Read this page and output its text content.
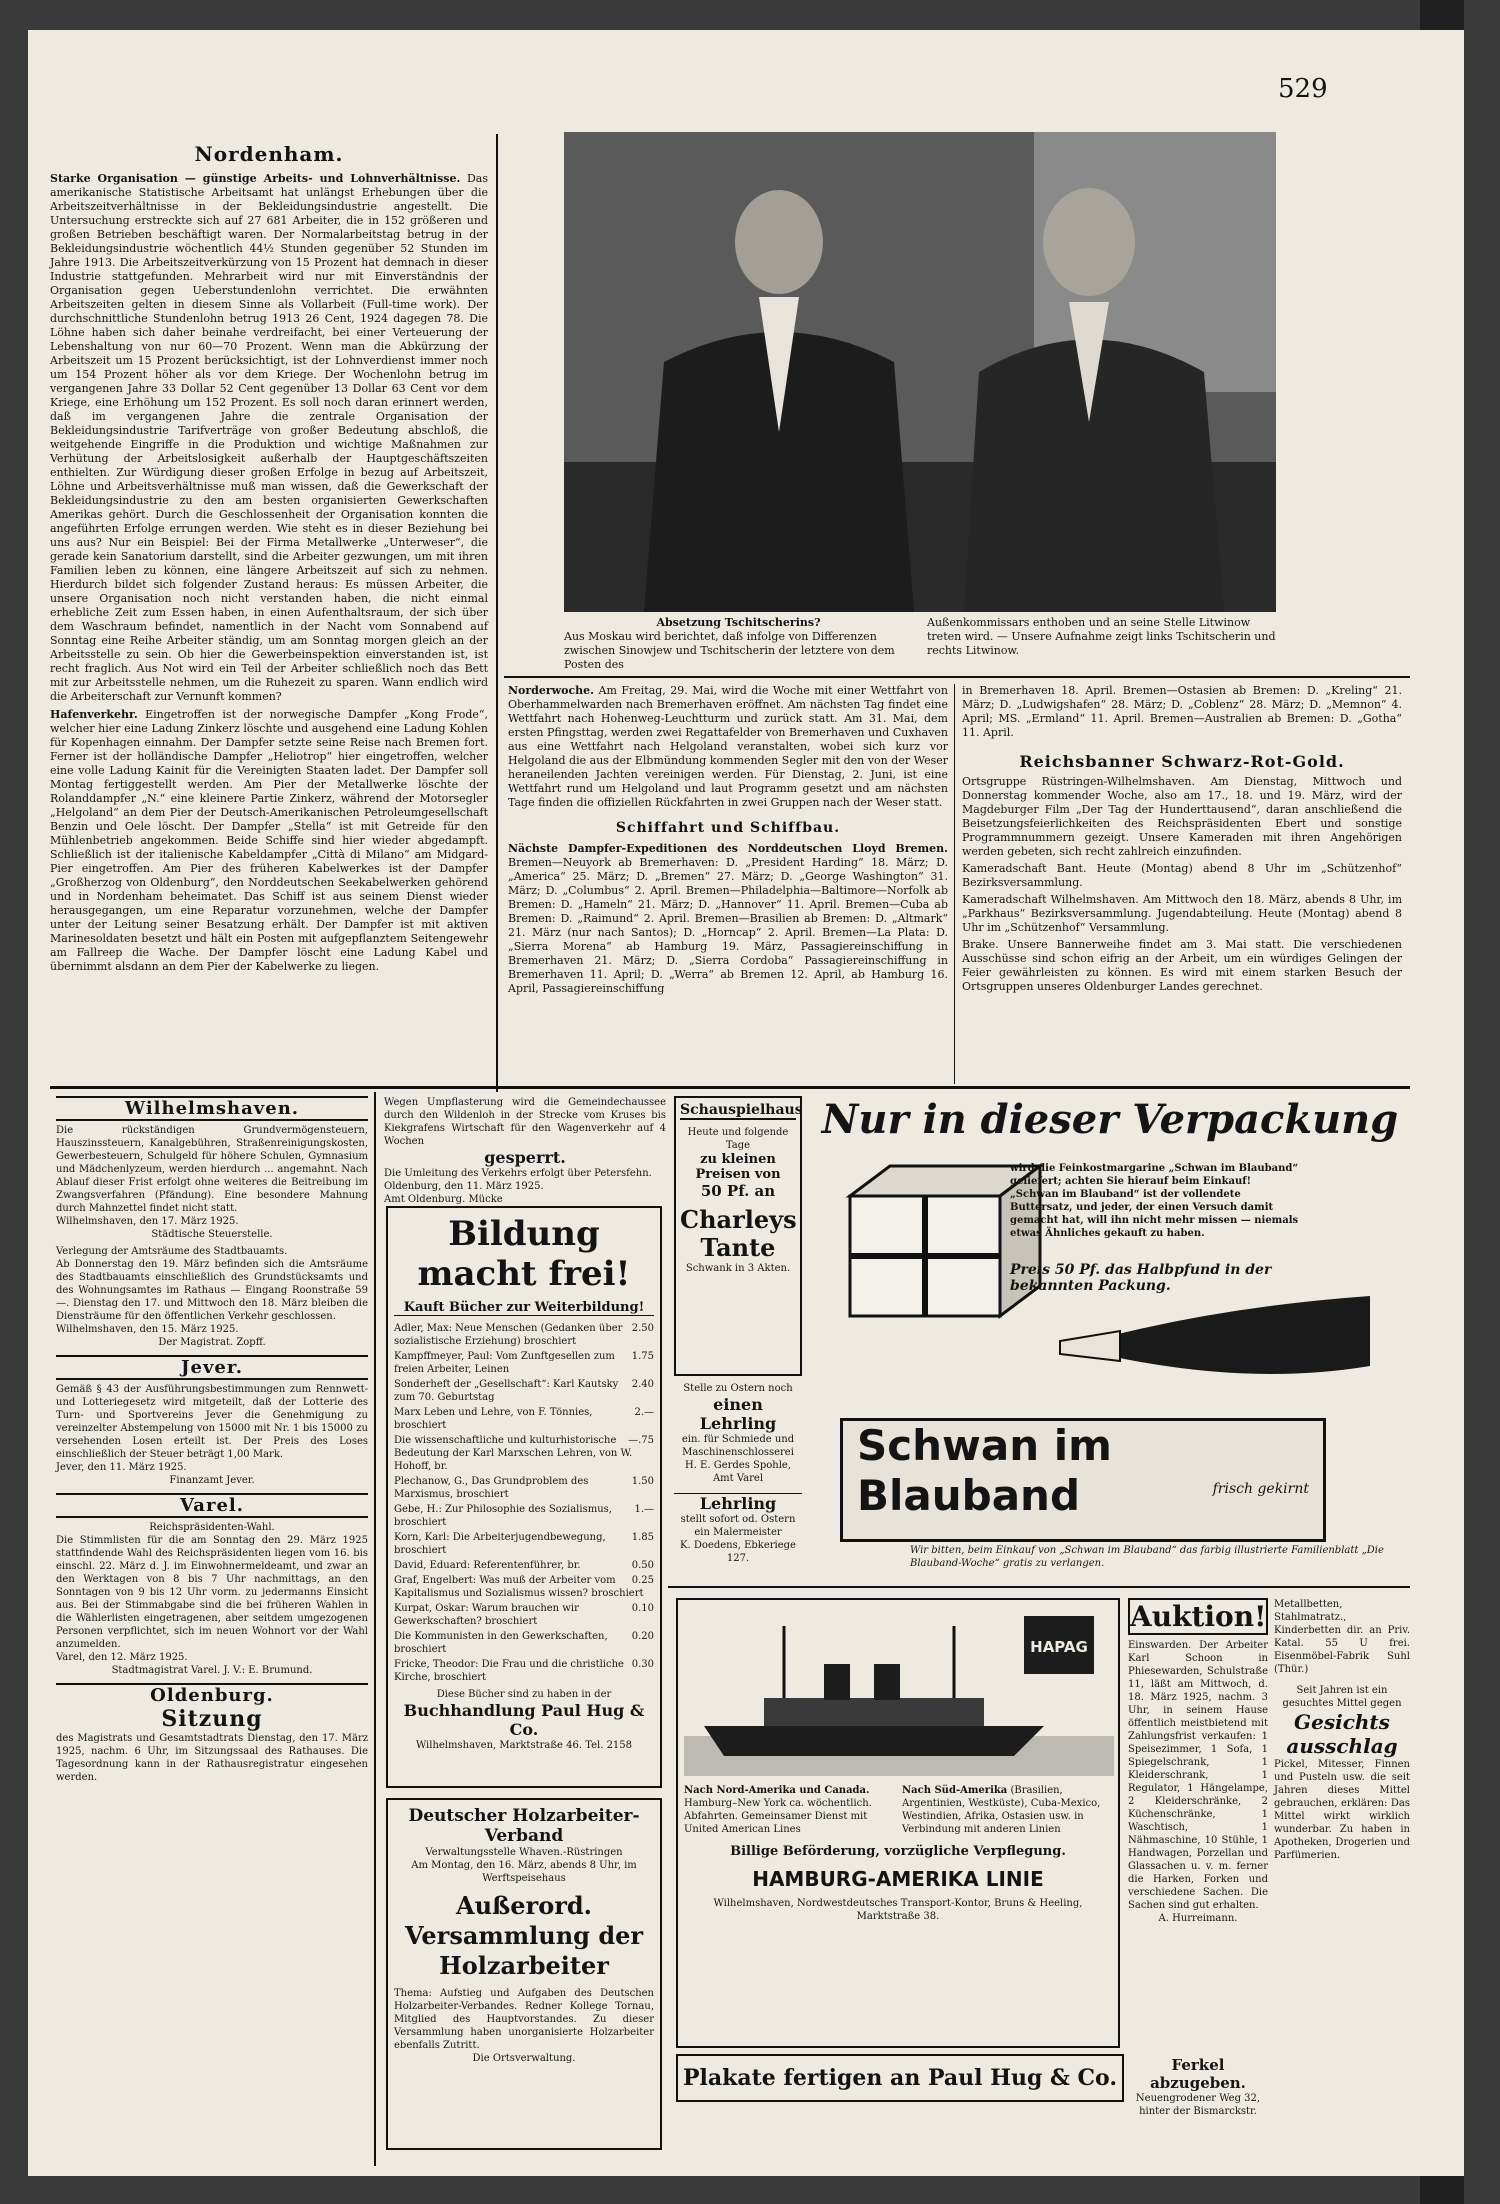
529
Nordenham.

Starke Organisation — günstige Arbeits- und Lohnverhältnisse. Das amerikanische Statistische Arbeitsamt hat unlängst Erhebungen über die Arbeitszeitverhältnisse in der Bekleidungsindustrie angestellt. Die Untersuchung erstreckte sich auf 27 681 Arbeiter, die in 152 größeren und großen Betrieben beschäftigt waren. Der Normalarbeitstag betrug in der Bekleidungsindustrie wöchentlich 44½ Stunden gegenüber 52 Stunden im Jahre 1913. Die Arbeitszeitverkürzung von 15 Prozent hat demnach in dieser Industrie stattgefunden. Mehrarbeit wird nur mit Einverständnis der Organisation gegen Ueberstundenlohn verrichtet. Die erwähnten Arbeitszeiten gelten in diesem Sinne als Vollarbeit (Full-time work). Der durchschnittliche Stundenlohn betrug 1913 26 Cent, 1924 dagegen 78. Die Löhne haben sich daher beinahe verdreifacht, bei einer Verteuerung der Lebenshaltung von nur 60—70 Prozent. Wenn man die Abkürzung der Arbeitszeit um 15 Prozent berücksichtigt, ist der Lohnverdienst immer noch um 154 Prozent höher als vor dem Kriege. Der Wochenlohn betrug im vergangenen Jahre 33 Dollar 52 Cent gegenüber 13 Dollar 63 Cent vor dem Kriege, eine Erhöhung um 152 Prozent. Es soll noch daran erinnert werden, daß im vergangenen Jahre die zentrale Organisation der Bekleidungsindustrie Tarifverträge von großer Bedeutung abschloß, die weitgehende Eingriffe in die Produktion und wichtige Maßnahmen zur Verhütung der Arbeitslosigkeit außerhalb der Hauptgeschäftszeiten enthielten. Zur Würdigung dieser großen Erfolge in bezug auf Arbeitszeit, Löhne und Arbeitsverhältnisse muß man wissen, daß die Gewerkschaft der Bekleidungsindustrie zu den am besten organisierten Gewerkschaften Amerikas gehört. Durch die Geschlossenheit der Organisation konnten die angeführten Erfolge errungen werden. Wie steht es in dieser Beziehung bei uns aus? Nur ein Beispiel: Bei der Firma Metallwerke „Unterweser“, die gerade kein Sanatorium darstellt, sind die Arbeiter gezwungen, um mit ihren Familien leben zu können, eine längere Arbeitszeit auf sich zu nehmen. Hierdurch bildet sich folgender Zustand heraus: Es müssen Arbeiter, die unsere Organisation noch nicht verstanden haben, die nicht einmal erhebliche Zeit zum Essen haben, in einen Aufenthaltsraum, der sich über dem Waschraum befindet, namentlich in der Nacht vom Sonnabend auf Sonntag eine Reihe Arbeiter ständig, um am Sonntag morgen gleich an der Arbeitsstelle zu sein. Ob hier die Gewerbeinspektion einverstanden ist, ist recht fraglich. Aus Not wird ein Teil der Arbeiter schließlich noch das Bett mit zur Arbeitsstelle nehmen, um die Ruhezeit zu sparen. Wann endlich wird die Arbeiterschaft zur Vernunft kommen?

Hafenverkehr. Eingetroffen ist der norwegische Dampfer „Kong Frode“, welcher hier eine Ladung Zinkerz löschte und ausgehend eine Ladung Kohlen für Kopenhagen einnahm. Der Dampfer setzte seine Reise nach Bremen fort. Ferner ist der holländische Dampfer „Heliotrop“ hier eingetroffen, welcher eine volle Ladung Kainit für die Vereinigten Staaten ladet. Der Dampfer soll Montag fertiggestellt werden. Am Pier der Metallwerke löschte der Rolanddampfer „N.“ eine kleinere Partie Zinkerz, während der Motorsegler „Helgoland“ an dem Pier der Deutsch-Amerikanischen Petroleumgesellschaft Benzin und Oele löscht. Der Dampfer „Stella“ ist mit Getreide für den Mühlenbetrieb angekommen. Beide Schiffe sind hier wieder abgedampft. Schließlich ist der italienische Kabeldampfer „Città di Milano“ am Midgard-Pier eingetroffen. Am Pier des früheren Kabelwerkes ist der Dampfer „Großherzog von Oldenburg“, den Norddeutschen Seekabelwerken gehörend und in Nordenham beheimatet. Das Schiff ist aus seinem Dienst wieder herausgegangen, um eine Reparatur vorzunehmen, welche der Dampfer unter der Leitung seiner Besatzung erhält. Der Dampfer ist mit aktiven Marinesoldaten besetzt und hält ein Posten mit aufgepflanztem Seitengewehr am Fallreep die Wache. Der Dampfer löscht eine Ladung Kabel und übernimmt alsdann an dem Pier der Kabelwerke zu liegen.

Absetzung Tschitscherins?
Aus Moskau wird berichtet, daß infolge von Differenzen zwischen Sinowjew und Tschitscherin der letztere von dem Posten des
Außenkommissars enthoben und an seine Stelle Litwinow treten wird. — Unsere Aufnahme zeigt links Tschitscherin und rechts Litwinow.

Norderwoche. Am Freitag, 29. Mai, wird die Woche mit einer Wettfahrt von Oberhammelwarden nach Bremerhaven eröffnet. Am nächsten Tag findet eine Wettfahrt nach Hohenweg-Leuchtturm und zurück statt. Am 31. Mai, dem ersten Pfingsttag, werden zwei Regattafelder von Bremerhaven und Cuxhaven aus eine Wettfahrt nach Helgoland veranstalten, wobei sich kurz vor Helgoland die aus der Elbmündung kommenden Segler mit den von der Weser heraneilenden Jachten vereinigen werden. Für Dienstag, 2. Juni, ist eine Wettfahrt rund um Helgoland und laut Programm gesetzt und am nächsten Tage finden die offiziellen Rückfahrten in zwei Gruppen nach der Weser statt.

Schiffahrt und Schiffbau.

Nächste Dampfer-Expeditionen des Norddeutschen Lloyd Bremen. Bremen—Neuyork ab Bremerhaven: D. „President Harding“ 18. März; D. „America“ 25. März; D. „Bremen“ 27. März; D. „George Washington“ 31. März; D. „Columbus“ 2. April. Bremen—Philadelphia—Baltimore—Norfolk ab Bremen: D. „Hameln“ 21. März; D. „Hannover“ 11. April. Bremen—Cuba ab Bremen: D. „Raimund“ 2. April. Bremen—Brasilien ab Bremen: D. „Altmark“ 21. März (nur nach Santos); D. „Horncap“ 2. April. Bremen—La Plata: D. „Sierra Morena“ ab Hamburg 19. März, Passagiereinschiffung in Bremerhaven 21. März; D. „Sierra Cordoba“ Passagiereinschiffung in Bremerhaven 11. April; D. „Werra“ ab Bremen 12. April, ab Hamburg 16. April, Passagiereinschiffung

in Bremerhaven 18. April. Bremen—Ostasien ab Bremen: D. „Kreling“ 21. März; D. „Ludwigshafen“ 28. März; D. „Coblenz“ 28. März; D. „Memnon“ 4. April; MS. „Ermland“ 11. April. Bremen—Australien ab Bremen: D. „Gotha“ 11. April.

Reichsbanner Schwarz-Rot-Gold.

Ortsgruppe Rüstringen-Wilhelmshaven. Am Dienstag, Mittwoch und Donnerstag kommender Woche, also am 17., 18. und 19. März, wird der Magdeburger Film „Der Tag der Hunderttausend“, daran anschließend die Beisetzungsfeierlichkeiten des Reichspräsidenten Ebert und sonstige Programmnummern gezeigt. Unsere Kameraden mit ihren Angehörigen werden gebeten, sich recht zahlreich einzufinden.

Kameradschaft Bant. Heute (Montag) abend 8 Uhr im „Schützenhof“ Bezirksversammlung.

Kameradschaft Wilhelmshaven. Am Mittwoch den 18. März, abends 8 Uhr, im „Parkhaus“ Bezirksversammlung. Jugendabteilung. Heute (Montag) abend 8 Uhr im „Schützenhof“ Versammlung.

Brake. Unsere Bannerweihe findet am 3. Mai statt. Die verschiedenen Ausschüsse sind schon eifrig an der Arbeit, um ein würdiges Gelingen der Feier gewährleisten zu können. Es wird mit einem starken Besuch der Ortsgruppen unseres Oldenburger Landes gerechnet.

Wilhelmshaven.

Die rückständigen Grundvermögensteuern, Hauszinssteuern, Kanalgebühren, Straßenreinigungskosten, Gewerbesteuern, Schulgeld für höhere Schulen, Gymnasium und Mädchenlyzeum, werden hierdurch ... angemahnt. Nach Ablauf dieser Frist erfolgt ohne weiteres die Beitreibung im Zwangsverfahren (Pfändung). Eine besondere Mahnung durch Mahnzettel findet nicht statt.

Wilhelmshaven, den 17. März 1925.
Städtische Steuerstelle.
Verlegung der Amtsräume des Stadtbauamts.

Ab Donnerstag den 19. März befinden sich die Amtsräume des Stadtbauamts einschließlich des Grundstücksamts und des Wohnungsamtes im Rathaus — Eingang Roonstraße 59 —. Dienstag den 17. und Mittwoch den 18. März bleiben die Diensträume für den öffentlichen Verkehr geschlossen.

Wilhelmshaven, den 15. März 1925.
Der Magistrat. Zopff.
Jever.

Gemäß § 43 der Ausführungsbestimmungen zum Rennwett- und Lotteriegesetz wird mitgeteilt, daß der Lotterie des Turn- und Sportvereins Jever die Genehmigung zu vereinzelter Abstempelung von 15000 mit Nr. 1 bis 15000 zu versehenden Losen erteilt ist. Der Preis des Loses einschließlich der Steuer beträgt 1,00 Mark.

Jever, den 11. März 1925.
Finanzamt Jever.
Varel.
Reichspräsidenten-Wahl.

Die Stimmlisten für die am Sonntag den 29. März 1925 stattfindende Wahl des Reichspräsidenten liegen vom 16. bis einschl. 22. März d. J. im Einwohnermeldeamt, und zwar an den Werktagen von 8 bis 7 Uhr nachmittags, an den Sonntagen von 9 bis 12 Uhr vorm. zu jedermanns Einsicht aus. Bei der Stimmabgabe sind die bei früheren Wahlen in die Wählerlisten eingetragenen, aber seitdem umgezogenen Personen verpflichtet, sich im neuen Wohnort vor der Wahl anzumelden.

Varel, den 12. März 1925.
Stadtmagistrat Varel. J. V.: E. Brumund.
Oldenburg.
Sitzung

des Magistrats und Gesamtstadtrats Dienstag, den 17. März 1925, nachm. 6 Uhr, im Sitzungssaal des Rathauses. Die Tagesordnung kann in der Rathausregistratur eingesehen werden.

Wegen Umpflasterung wird die Gemeindechaussee durch den Wildenloh in der Strecke vom Kruses bis Kiekgrafens Wirtschaft für den Wagenverkehr auf 4 Wochen

gesperrt.

Die Umleitung des Verkehrs erfolgt über Petersfehn.

Oldenburg, den 11. März 1925.
Amt Oldenburg. Mücke
Bildung macht frei!
Kauft Bücher zur Weiterbildung!
2.50
Adler, Max: Neue Menschen (Gedanken über sozialistische Erziehung) broschiert
1.75
Kampffmeyer, Paul: Vom Zunftgesellen zum freien Arbeiter, Leinen
2.40
Sonderheft der „Gesellschaft“: Karl Kautsky zum 70. Geburtstag
2.—
Marx Leben und Lehre, von F. Tönnies, broschiert
—.75
Die wissenschaftliche und kulturhistorische Bedeutung der Karl Marxschen Lehren, von W. Hohoff, br.
1.50
Plechanow, G., Das Grundproblem des Marxismus, broschiert
1.—
Gebe, H.: Zur Philosophie des Sozialismus, broschiert
1.85
Korn, Karl: Die Arbeiterjugendbewegung, broschiert
0.50
David, Eduard: Referentenführer, br.
0.25
Graf, Engelbert: Was muß der Arbeiter vom Kapitalismus und Sozialismus wissen? broschiert
0.10
Kurpat, Oskar: Warum brauchen wir Gewerkschaften? broschiert
0.20
Die Kommunisten in den Gewerkschaften, broschiert
0.30
Fricke, Theodor: Die Frau und die christliche Kirche, broschiert
Diese Bücher sind zu haben in der
Buchhandlung Paul Hug & Co.
Wilhelmshaven, Marktstraße 46. Tel. 2158
Deutscher Holzarbeiter-Verband
Verwaltungsstelle Whaven.-Rüstringen
Am Montag, den 16. März, abends 8 Uhr, im Werftspeisehaus
Außerord. Versammlung der Holzarbeiter

Thema: Aufstieg und Aufgaben des Deutschen Holzarbeiter-Verbandes. Redner Kollege Tornau, Mitglied des Hauptvorstandes. Zu dieser Versammlung haben unorganisierte Holzarbeiter ebenfalls Zutritt.

Die Ortsverwaltung.
Schauspielhaus
Heute und folgende Tage
zu kleinen Preisen von
50 Pf. an
Charleys Tante
Schwank in 3 Akten.
Stelle zu Ostern noch
einen Lehrling
ein. für Schmiede und Maschinenschlosserei
H. E. Gerdes Spohle, Amt Varel
Lehrling
stellt sofort od. Ostern ein Malermeister
K. Doedens, Ebkeriege 127.
Nur in dieser Verpackung
wird die Feinkostmargarine „Schwan im Blauband“ geliefert; achten Sie hierauf beim Einkauf! „Schwan im Blauband“ ist der vollendete Buttersatz, und jeder, der einen Versuch damit gemacht hat, will ihn nicht mehr missen — niemals etwas Ähnliches gekauft zu haben.
Preis 50 Pf. das Halbpfund in der bekannten Packung.
Schwan im
Blauband	frisch gekirnt
Wir bitten, beim Einkauf von „Schwan im Blauband“ das farbig illustrierte Familienblatt „Die Blauband-Woche“ gratis zu verlangen.
HAPAG
Nach Nord-Amerika und Canada. Hamburg–New York ca. wöchentlich. Abfahrten. Gemeinsamer Dienst mit United American Lines
Nach Süd-Amerika (Brasilien, Argentinien, Westküste), Cuba-Mexico, Westindien, Afrika, Ostasien usw. in Verbindung mit anderen Linien
Billige Beförderung, vorzügliche Verpflegung.
HAMBURG-AMERIKA LINIE
Wilhelmshaven, Nordwestdeutsches Transport-Kontor, Bruns & Heeling, Marktstraße 38.
Plakate fertigen an Paul Hug & Co.
Auktion!

Einswarden. Der Arbeiter Karl Schoon in Phiesewarden, Schulstraße 11, läßt am Mittwoch, d. 18. März 1925, nachm. 3 Uhr, in seinem Hause öffentlich meistbietend mit Zahlungsfrist verkaufen: 1 Speisezimmer, 1 Sofa, 1 Spiegelschrank, 1 Kleiderschrank, 1 Regulator, 1 Hängelampe, 2 Kleiderschränke, 2 Küchenschränke, 1 Waschtisch, 1 Nähmaschine, 10 Stühle, 1 Handwagen, Porzellan und Glassachen u. v. m. ferner die Harken, Forken und verschiedene Sachen. Die Sachen sind gut erhalten.

A. Hurreimann.
Ferkel abzugeben.
Neuengrodener Weg 32, hinter der Bismarckstr.

Metallbetten, Stahlmatratz., Kinderbetten dir. an Priv. Katal. 55 U frei. Eisenmöbel-Fabrik Suhl (Thür.)

Seit Jahren ist ein gesuchtes Mittel gegen
Gesichts ausschlag

Pickel, Mitesser, Finnen und Pusteln usw. die seit Jahren dieses Mittel gebrauchen, erklären: Das Mittel wirkt wirklich wunderbar. Zu haben in Apotheken, Drogerien und Parfümerien.
